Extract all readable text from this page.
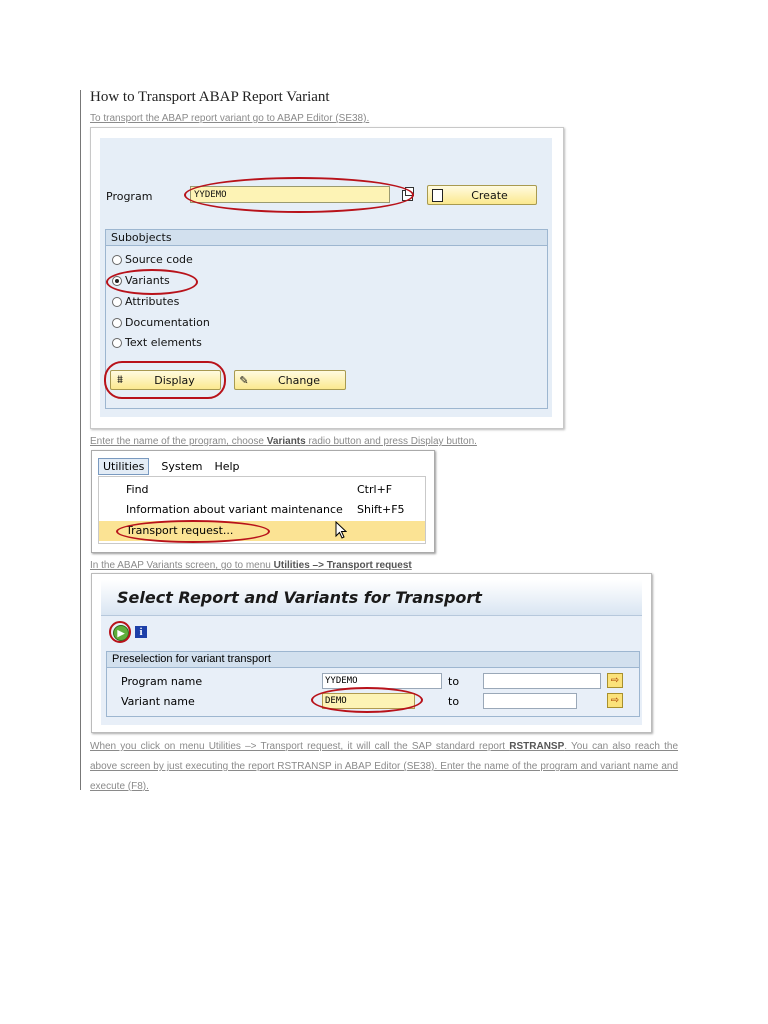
How to Transport ABAP Report Variant
To transport the ABAP report variant go to ABAP Editor (SE38).
Program	YYDEMO	Create
Subobjects
Source code
Variants
Attributes
Documentation
Text elements
⩩	Display	✎	Change
Enter the name of the program, choose Variants radio button and press Display button.
Utilities	System Help
Find	Ctrl+F
Information about variant maintenance Shift+F5
Transport request...
In the ABAP Variants screen, go to menu Utilities –> Transport request
Select Report and Variants for Transport
▶	i
Preselection for variant transport
Program name	YYDEMO	to	⇨
Variant name	DEMO	to	⇨
When you click on menu Utilities –> Transport request, it will call the SAP standard report RSTRANSP. You can also reach the above screen by just executing the report RSTRANSP in ABAP Editor (SE38). Enter the name of the program and variant name and execute (F8).
